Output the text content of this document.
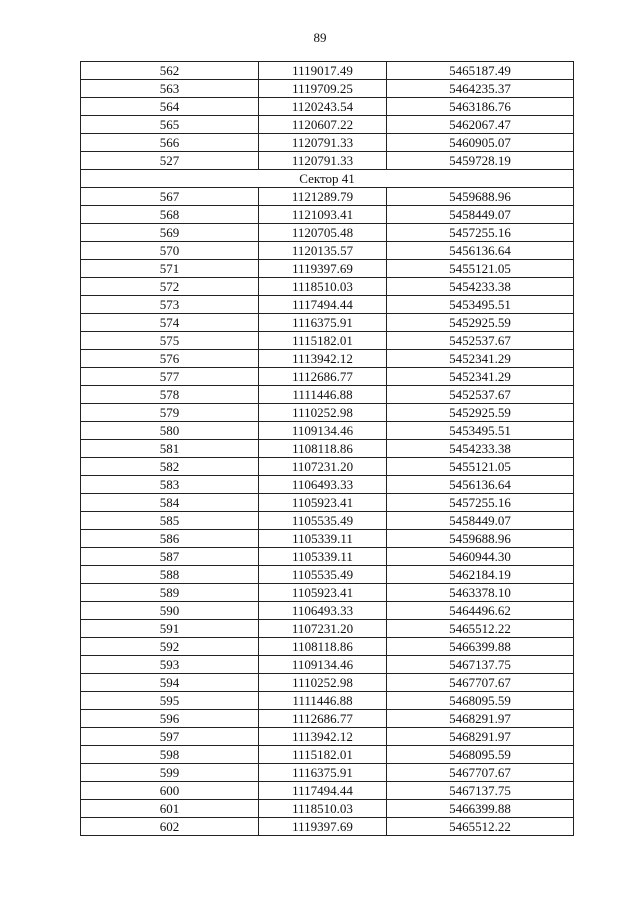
89
562	1119017.49	5465187.49
563	1119709.25	5464235.37
564	1120243.54	5463186.76
565	1120607.22	5462067.47
566	1120791.33	5460905.07
527	1120791.33	5459728.19
Сектор 41		
567	1121289.79	5459688.96
568	1121093.41	5458449.07
569	1120705.48	5457255.16
570	1120135.57	5456136.64
571	1119397.69	5455121.05
572	1118510.03	5454233.38
573	1117494.44	5453495.51
574	1116375.91	5452925.59
575	1115182.01	5452537.67
576	1113942.12	5452341.29
577	1112686.77	5452341.29
578	1111446.88	5452537.67
579	1110252.98	5452925.59
580	1109134.46	5453495.51
581	1108118.86	5454233.38
582	1107231.20	5455121.05
583	1106493.33	5456136.64
584	1105923.41	5457255.16
585	1105535.49	5458449.07
586	1105339.11	5459688.96
587	1105339.11	5460944.30
588	1105535.49	5462184.19
589	1105923.41	5463378.10
590	1106493.33	5464496.62
591	1107231.20	5465512.22
592	1108118.86	5466399.88
593	1109134.46	5467137.75
594	1110252.98	5467707.67
595	1111446.88	5468095.59
596	1112686.77	5468291.97
597	1113942.12	5468291.97
598	1115182.01	5468095.59
599	1116375.91	5467707.67
600	1117494.44	5467137.75
601	1118510.03	5466399.88
602	1119397.69	5465512.22
